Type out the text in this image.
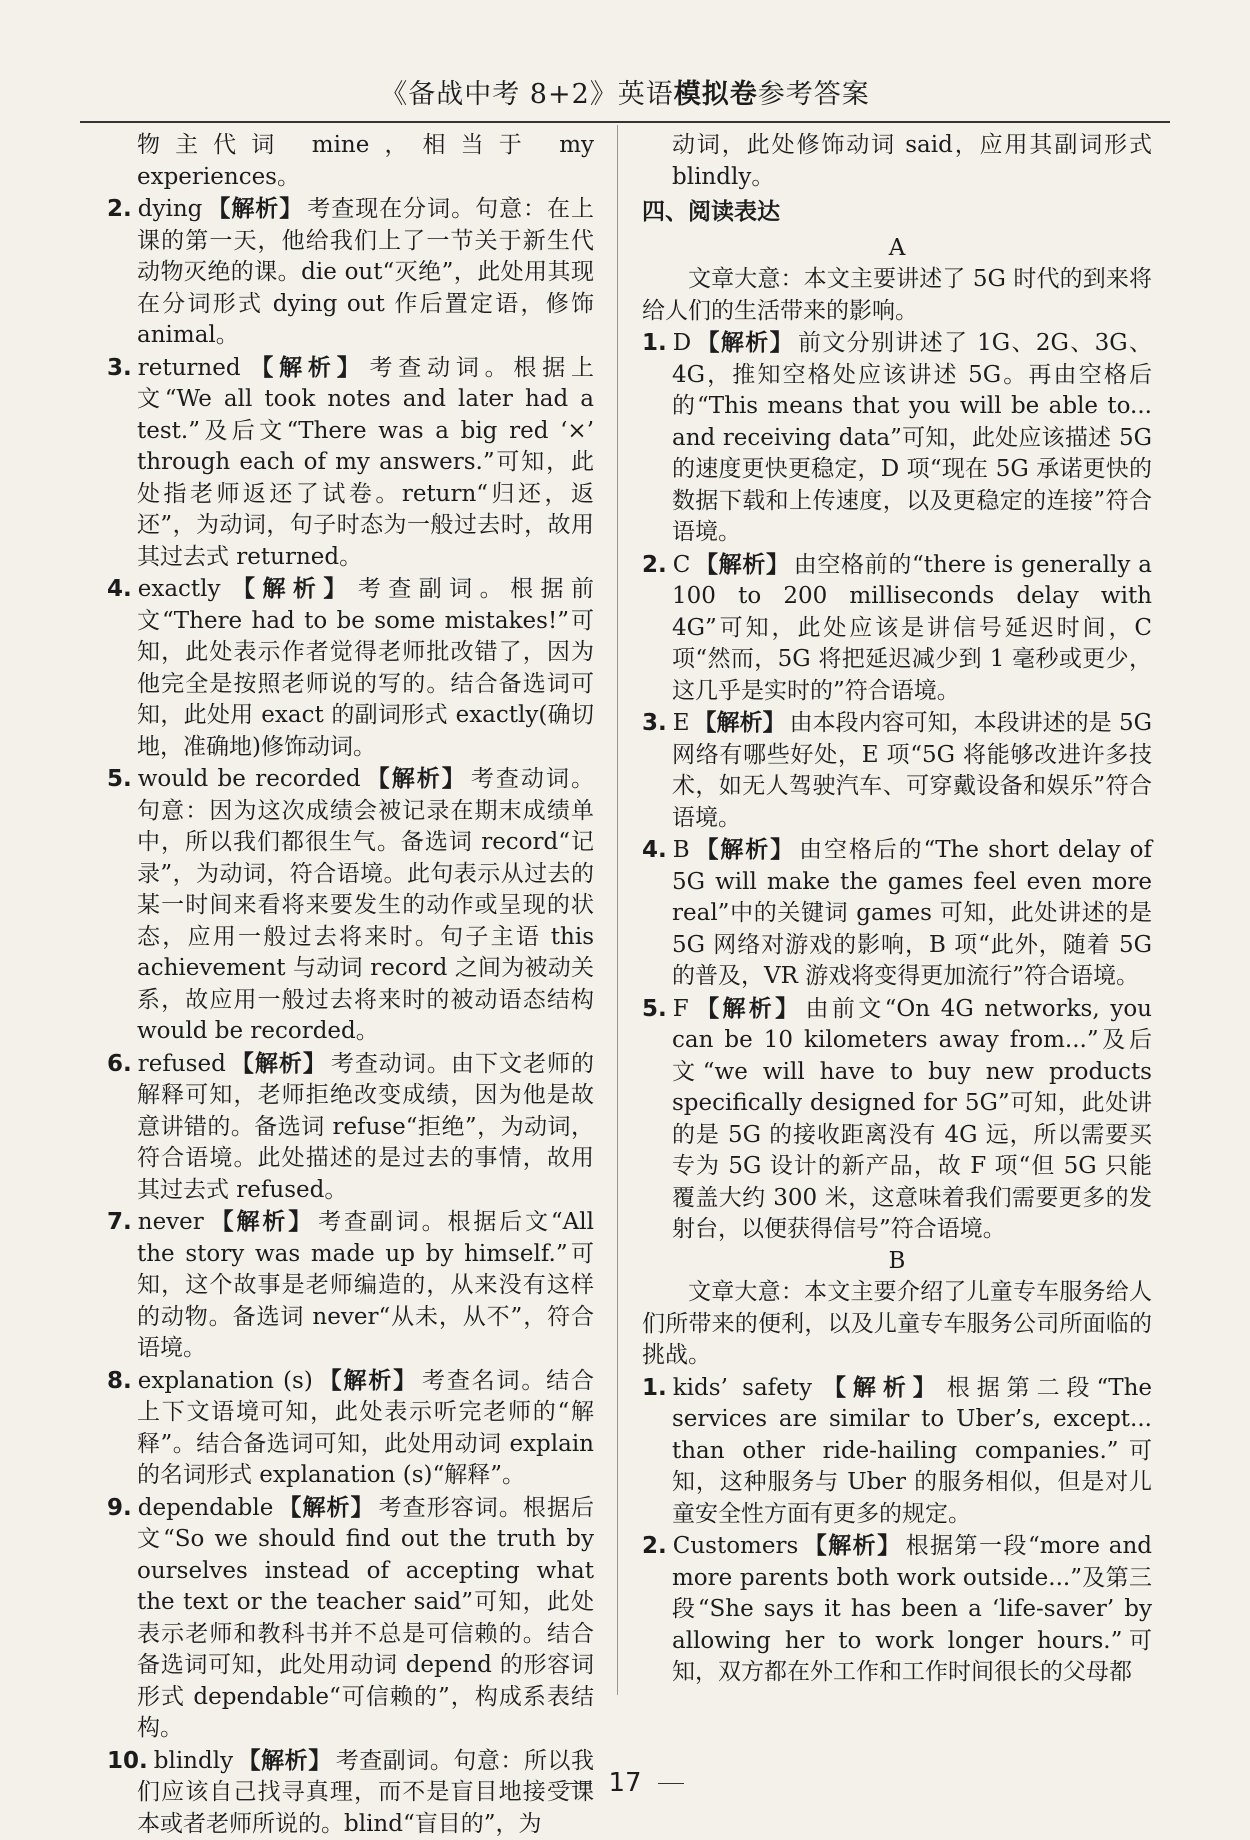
《备战中考 8+2》英语模拟卷参考答案
物主代词 mine，相当于 my experiences。
2. dying 【解析】 考查现在分词。句意：在上课的第一天，他给我们上了一节关于新生代动物灭绝的课。die out“灭绝”，此处用其现在分词形式 dying out 作后置定语，修饰 animal。
3. returned 【解析】 考查动词。根据上文“We all took notes and later had a test.”及后文“There was a big red ‘×’ through each of my answers.”可知，此处指老师返还了试卷。return“归还，返还”，为动词，句子时态为一般过去时，故用其过去式 returned。
4. exactly 【解析】 考查副词。根据前文“There had to be some mistakes!”可知，此处表示作者觉得老师批改错了，因为他完全是按照老师说的写的。结合备选词可知，此处用 exact 的副词形式 exactly(确切地，准确地)修饰动词。
5. would be recorded 【解析】 考查动词。句意：因为这次成绩会被记录在期末成绩单中，所以我们都很生气。备选词 record“记录”，为动词，符合语境。此句表示从过去的某一时间来看将来要发生的动作或呈现的状态，应用一般过去将来时。句子主语 this achievement 与动词 record 之间为被动关系，故应用一般过去将来时的被动语态结构 would be recorded。
6. refused 【解析】 考查动词。由下文老师的解释可知，老师拒绝改变成绩，因为他是故意讲错的。备选词 refuse“拒绝”，为动词，符合语境。此处描述的是过去的事情，故用其过去式 refused。
7. never 【解析】 考查副词。根据后文“All the story was made up by himself.”可知，这个故事是老师编造的，从来没有这样的动物。备选词 never“从未，从不”，符合语境。
8. explanation (s) 【解析】 考查名词。结合上下文语境可知，此处表示听完老师的“解释”。结合备选词可知，此处用动词 explain 的名词形式 explanation (s)“解释”。
9. dependable 【解析】 考查形容词。根据后文“So we should find out the truth by ourselves instead of accepting what the text or the teacher said”可知，此处表示老师和教科书并不总是可信赖的。结合备选词可知，此处用动词 depend 的形容词形式 dependable“可信赖的”，构成系表结构。
10. blindly 【解析】 考查副词。句意：所以我们应该自己找寻真理，而不是盲目地接受课本或者老师所说的。blind“盲目的”，为
动词，此处修饰动词 said，应用其副词形式 blindly。
四、阅读表达
A
文章大意：本文主要讲述了 5G 时代的到来将给人们的生活带来的影响。
1. D 【解析】 前文分别讲述了 1G、2G、3G、4G，推知空格处应该讲述 5G。再由空格后的“This means that you will be able to... and receiving data”可知，此处应该描述 5G 的速度更快更稳定，D 项“现在 5G 承诺更快的数据下载和上传速度，以及更稳定的连接”符合语境。
2. C 【解析】 由空格前的“there is generally a 100 to 200 milliseconds delay with 4G”可知，此处应该是讲信号延迟时间，C 项“然而，5G 将把延迟减少到 1 毫秒或更少，这几乎是实时的”符合语境。
3. E 【解析】 由本段内容可知，本段讲述的是 5G 网络有哪些好处，E 项“5G 将能够改进许多技术，如无人驾驶汽车、可穿戴设备和娱乐”符合语境。
4. B 【解析】 由空格后的“The short delay of 5G will make the games feel even more real”中的关键词 games 可知，此处讲述的是 5G 网络对游戏的影响，B 项“此外，随着 5G 的普及，VR 游戏将变得更加流行”符合语境。
5. F 【解析】 由前文“On 4G networks, you can be 10 kilometers away from...”及后文“we will have to buy new products specifically designed for 5G”可知，此处讲的是 5G 的接收距离没有 4G 远，所以需要买专为 5G 设计的新产品，故 F 项“但 5G 只能覆盖大约 300 米，这意味着我们需要更多的发射台，以便获得信号”符合语境。
B
文章大意：本文主要介绍了儿童专车服务给人们所带来的便利，以及儿童专车服务公司所面临的挑战。
1. kids’ safety 【解析】 根据第二段“The services are similar to Uber’s, except... than other ride-hailing companies.”可知，这种服务与 Uber 的服务相似，但是对儿童安全性方面有更多的规定。
2. Customers 【解析】 根据第一段“more and more parents both work outside...”及第三段“She says it has been a ‘life-saver’ by allowing her to work longer hours.”可知，双方都在外工作和工作时间很长的父母都
17
